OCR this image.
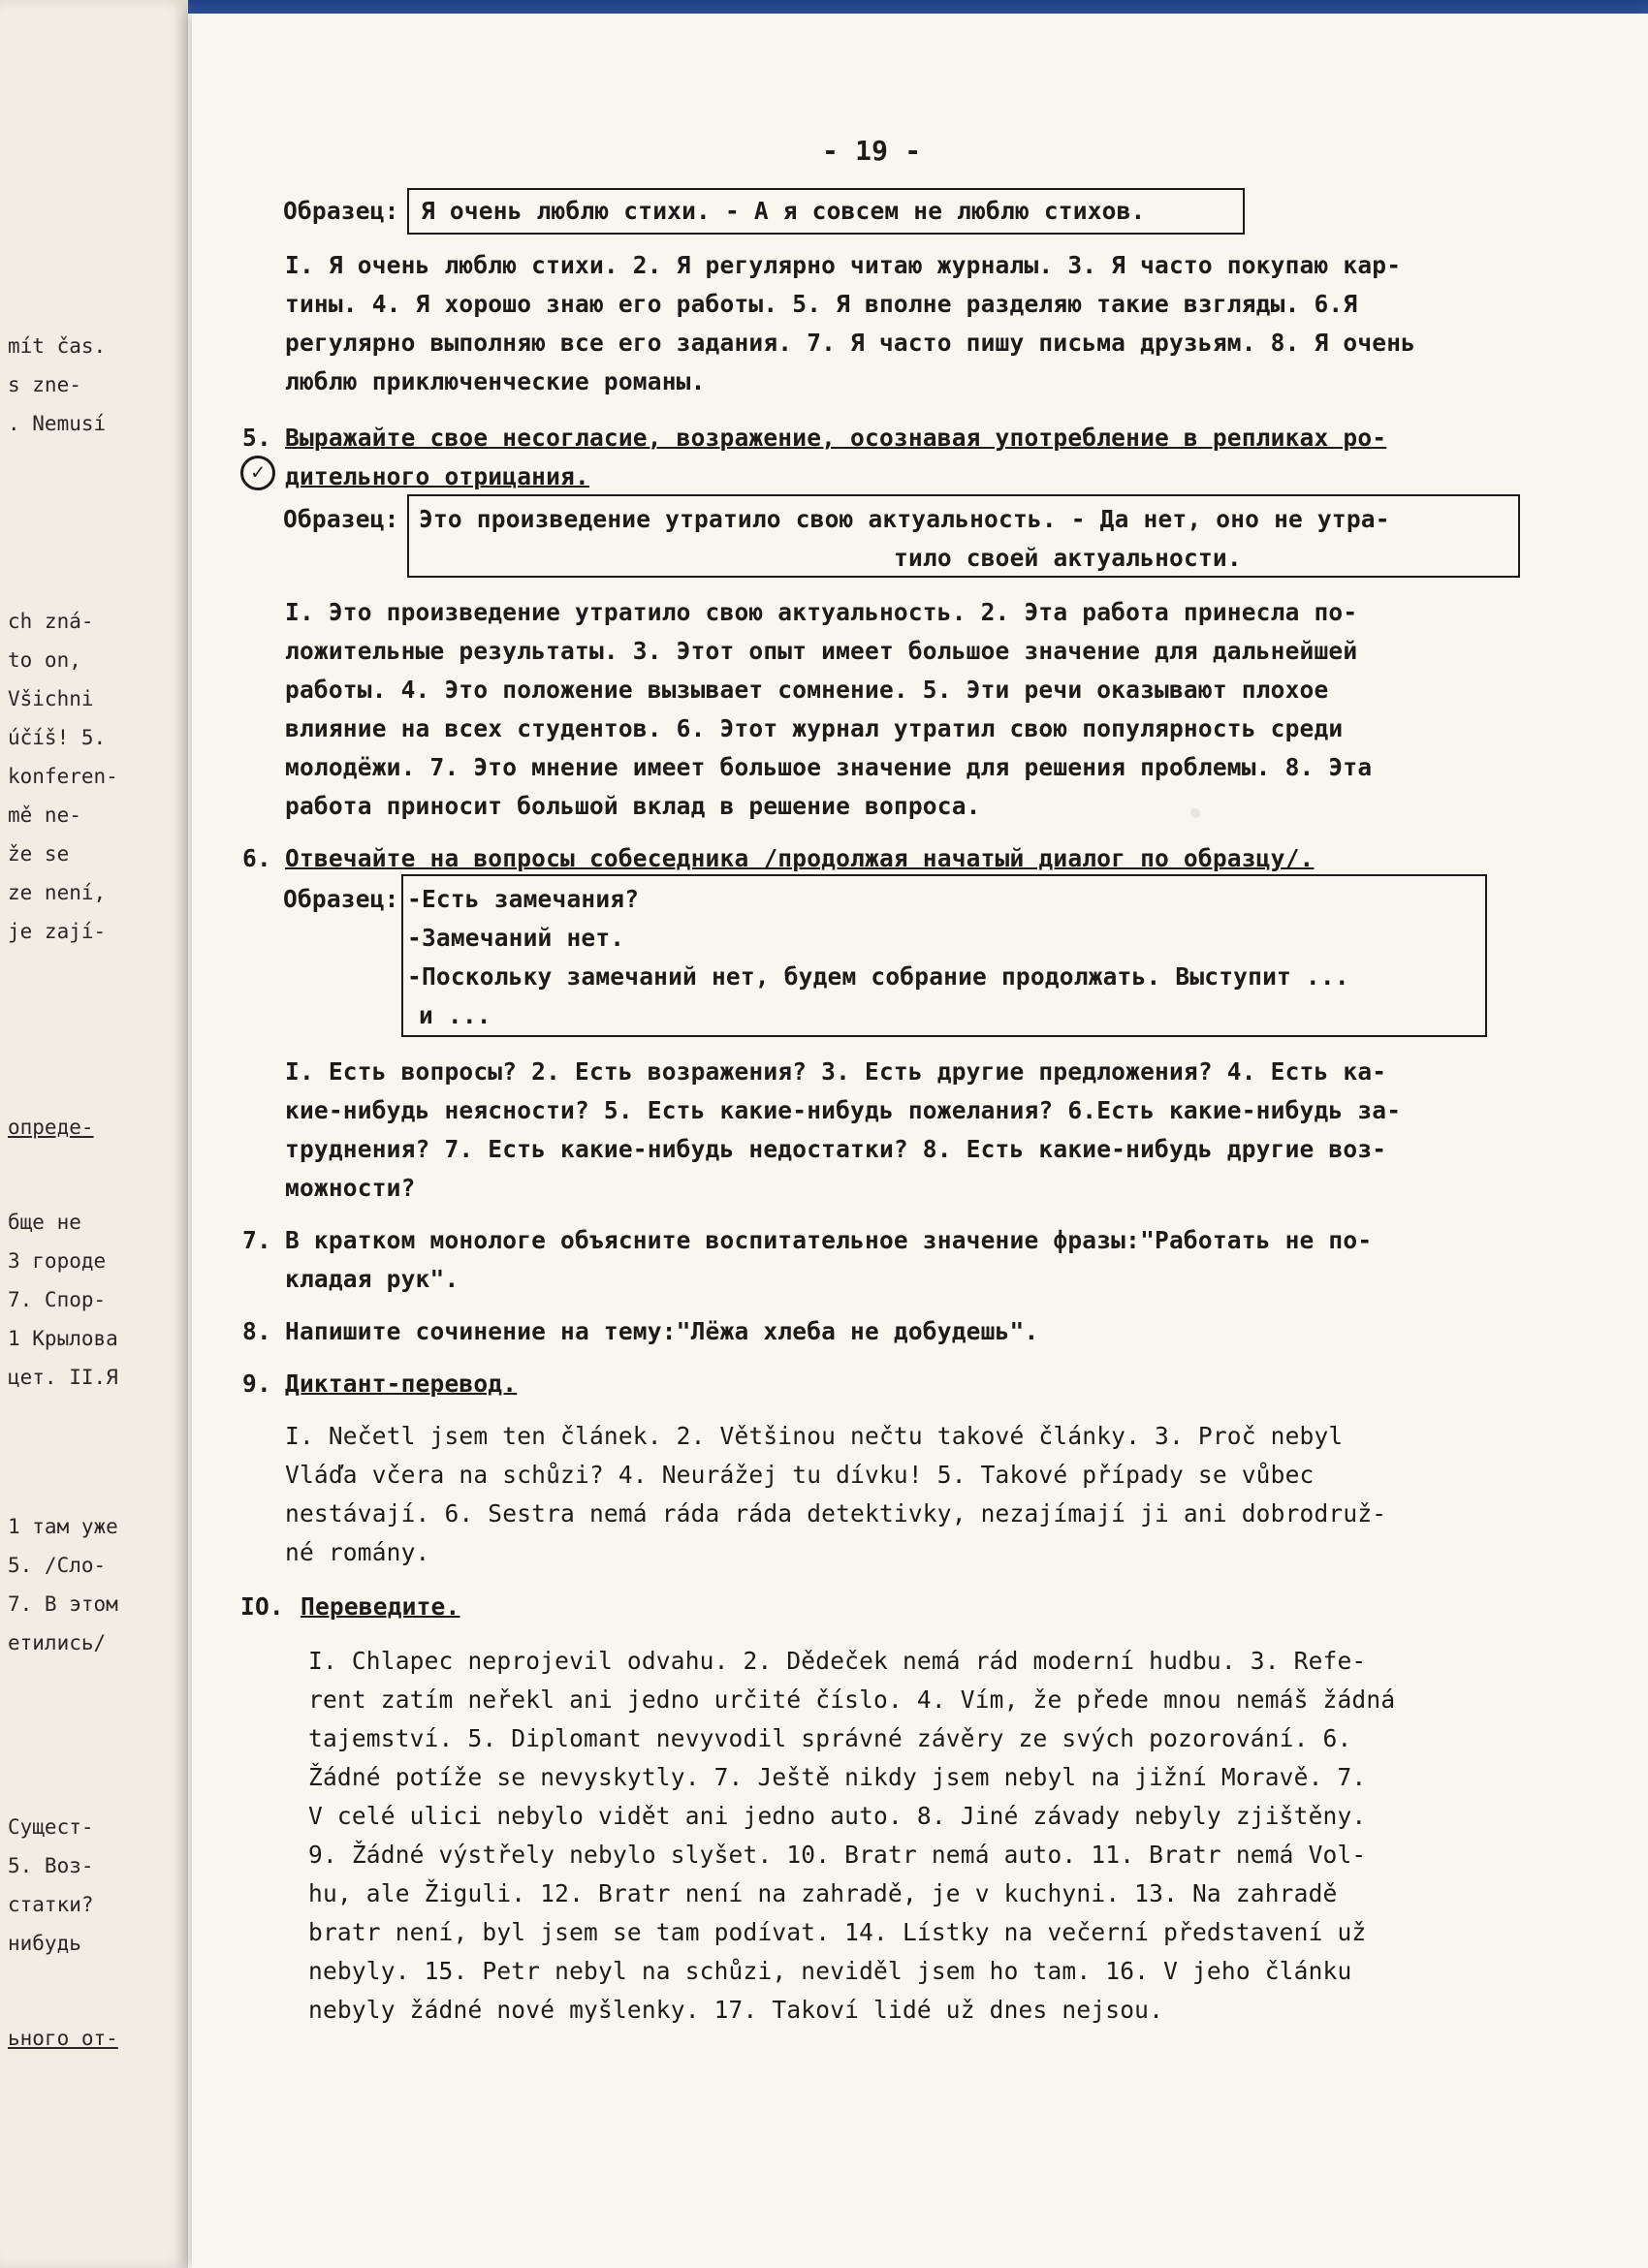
mít čas.
s zne-
. Nemusí
ch zná-
to on,
Všichni
účíš! 5.
konferen-
mě ne-
že se
ze není,
je zají-
опреде-
бще не
3 городе
7. Спор-
1 Крылова
цет. II.Я
1 там уже
5. /Сло-
7. В этом
етились/
Сущест-
5. Воз-
статки?
нибудь
ьного от-
- 19 -
Образец: Я очень люблю стихи. - А я совсем не люблю стихов.
I. Я очень люблю стихи. 2. Я регулярно читаю журналы. 3. Я часто покупаю кар-
тины. 4. Я хорошо знаю его работы. 5. Я вполне разделяю такие взгляды. 6.Я
регулярно выполняю все его задания. 7. Я часто пишу письма друзьям. 8. Я очень
люблю приключенческие романы.
5. Выражайте свое несогласие, возражение, осознавая употребление в репликах ро-
✓ дительного отрицания.
Образец: Это произведение утратило свою актуальность. - Да нет, оно не утра-
тило своей актуальности.
I. Это произведение утратило свою актуальность. 2. Эта работа принесла по-
ложительные результаты. 3. Этот опыт имеет большое значение для дальнейшей
работы. 4. Это положение вызывает сомнение. 5. Эти речи оказывают плохое
влияние на всех студентов. 6. Этот журнал утратил свою популярность среди
молодёжи. 7. Это мнение имеет большое значение для решения проблемы. 8. Эта
работа приносит большой вклад в решение вопроса.
6. Отвечайте на вопросы собеседника /продолжая начатый диалог по образцу/.
Образец: -Есть замечания?
-Замечаний нет.
-Поскольку замечаний нет, будем собрание продолжать. Выступит ...
и ...
I. Есть вопросы? 2. Есть возражения? 3. Есть другие предложения? 4. Есть ка-
кие-нибудь неясности? 5. Есть какие-нибудь пожелания? 6.Есть какие-нибудь за-
труднения? 7. Есть какие-нибудь недостатки? 8. Есть какие-нибудь другие воз-
можности?
7. В кратком монологе объясните воспитательное значение фразы:"Работать не по-
кладая рук".
8. Напишите сочинение на тему:"Лёжа хлеба не добудешь".
9. Диктант-перевод.
I. Nečetl jsem ten článek. 2. Většinou nečtu takové články. 3. Proč nebyl
Vláďa včera na schůzi? 4. Neurážej tu dívku! 5. Takové případy se vůbec
nestávají. 6. Sestra nemá ráda ráda detektivky, nezajímají ji ani dobrodruž-
né romány.
IO. Переведите.
I. Chlapec neprojevil odvahu. 2. Dědeček nemá rád moderní hudbu. 3. Refe-
rent zatím neřekl ani jedno určité číslo. 4. Vím, že přede mnou nemáš žádná
tajemství. 5. Diplomant nevyvodil správné závěry ze svých pozorování. 6.
Žádné potíže se nevyskytly. 7. Ještě nikdy jsem nebyl na jižní Moravě. 7.
V celé ulici nebylo vidět ani jedno auto. 8. Jiné závady nebyly zjištěny.
9. Žádné výstřely nebylo slyšet. 10. Bratr nemá auto. 11. Bratr nemá Vol-
hu, ale Žiguli. 12. Bratr není na zahradě, je v kuchyni. 13. Na zahradě
bratr není, byl jsem se tam podívat. 14. Lístky na večerní představení už
nebyly. 15. Petr nebyl na schůzi, neviděl jsem ho tam. 16. V jeho článku
nebyly žádné nové myšlenky. 17. Takoví lidé už dnes nejsou.
